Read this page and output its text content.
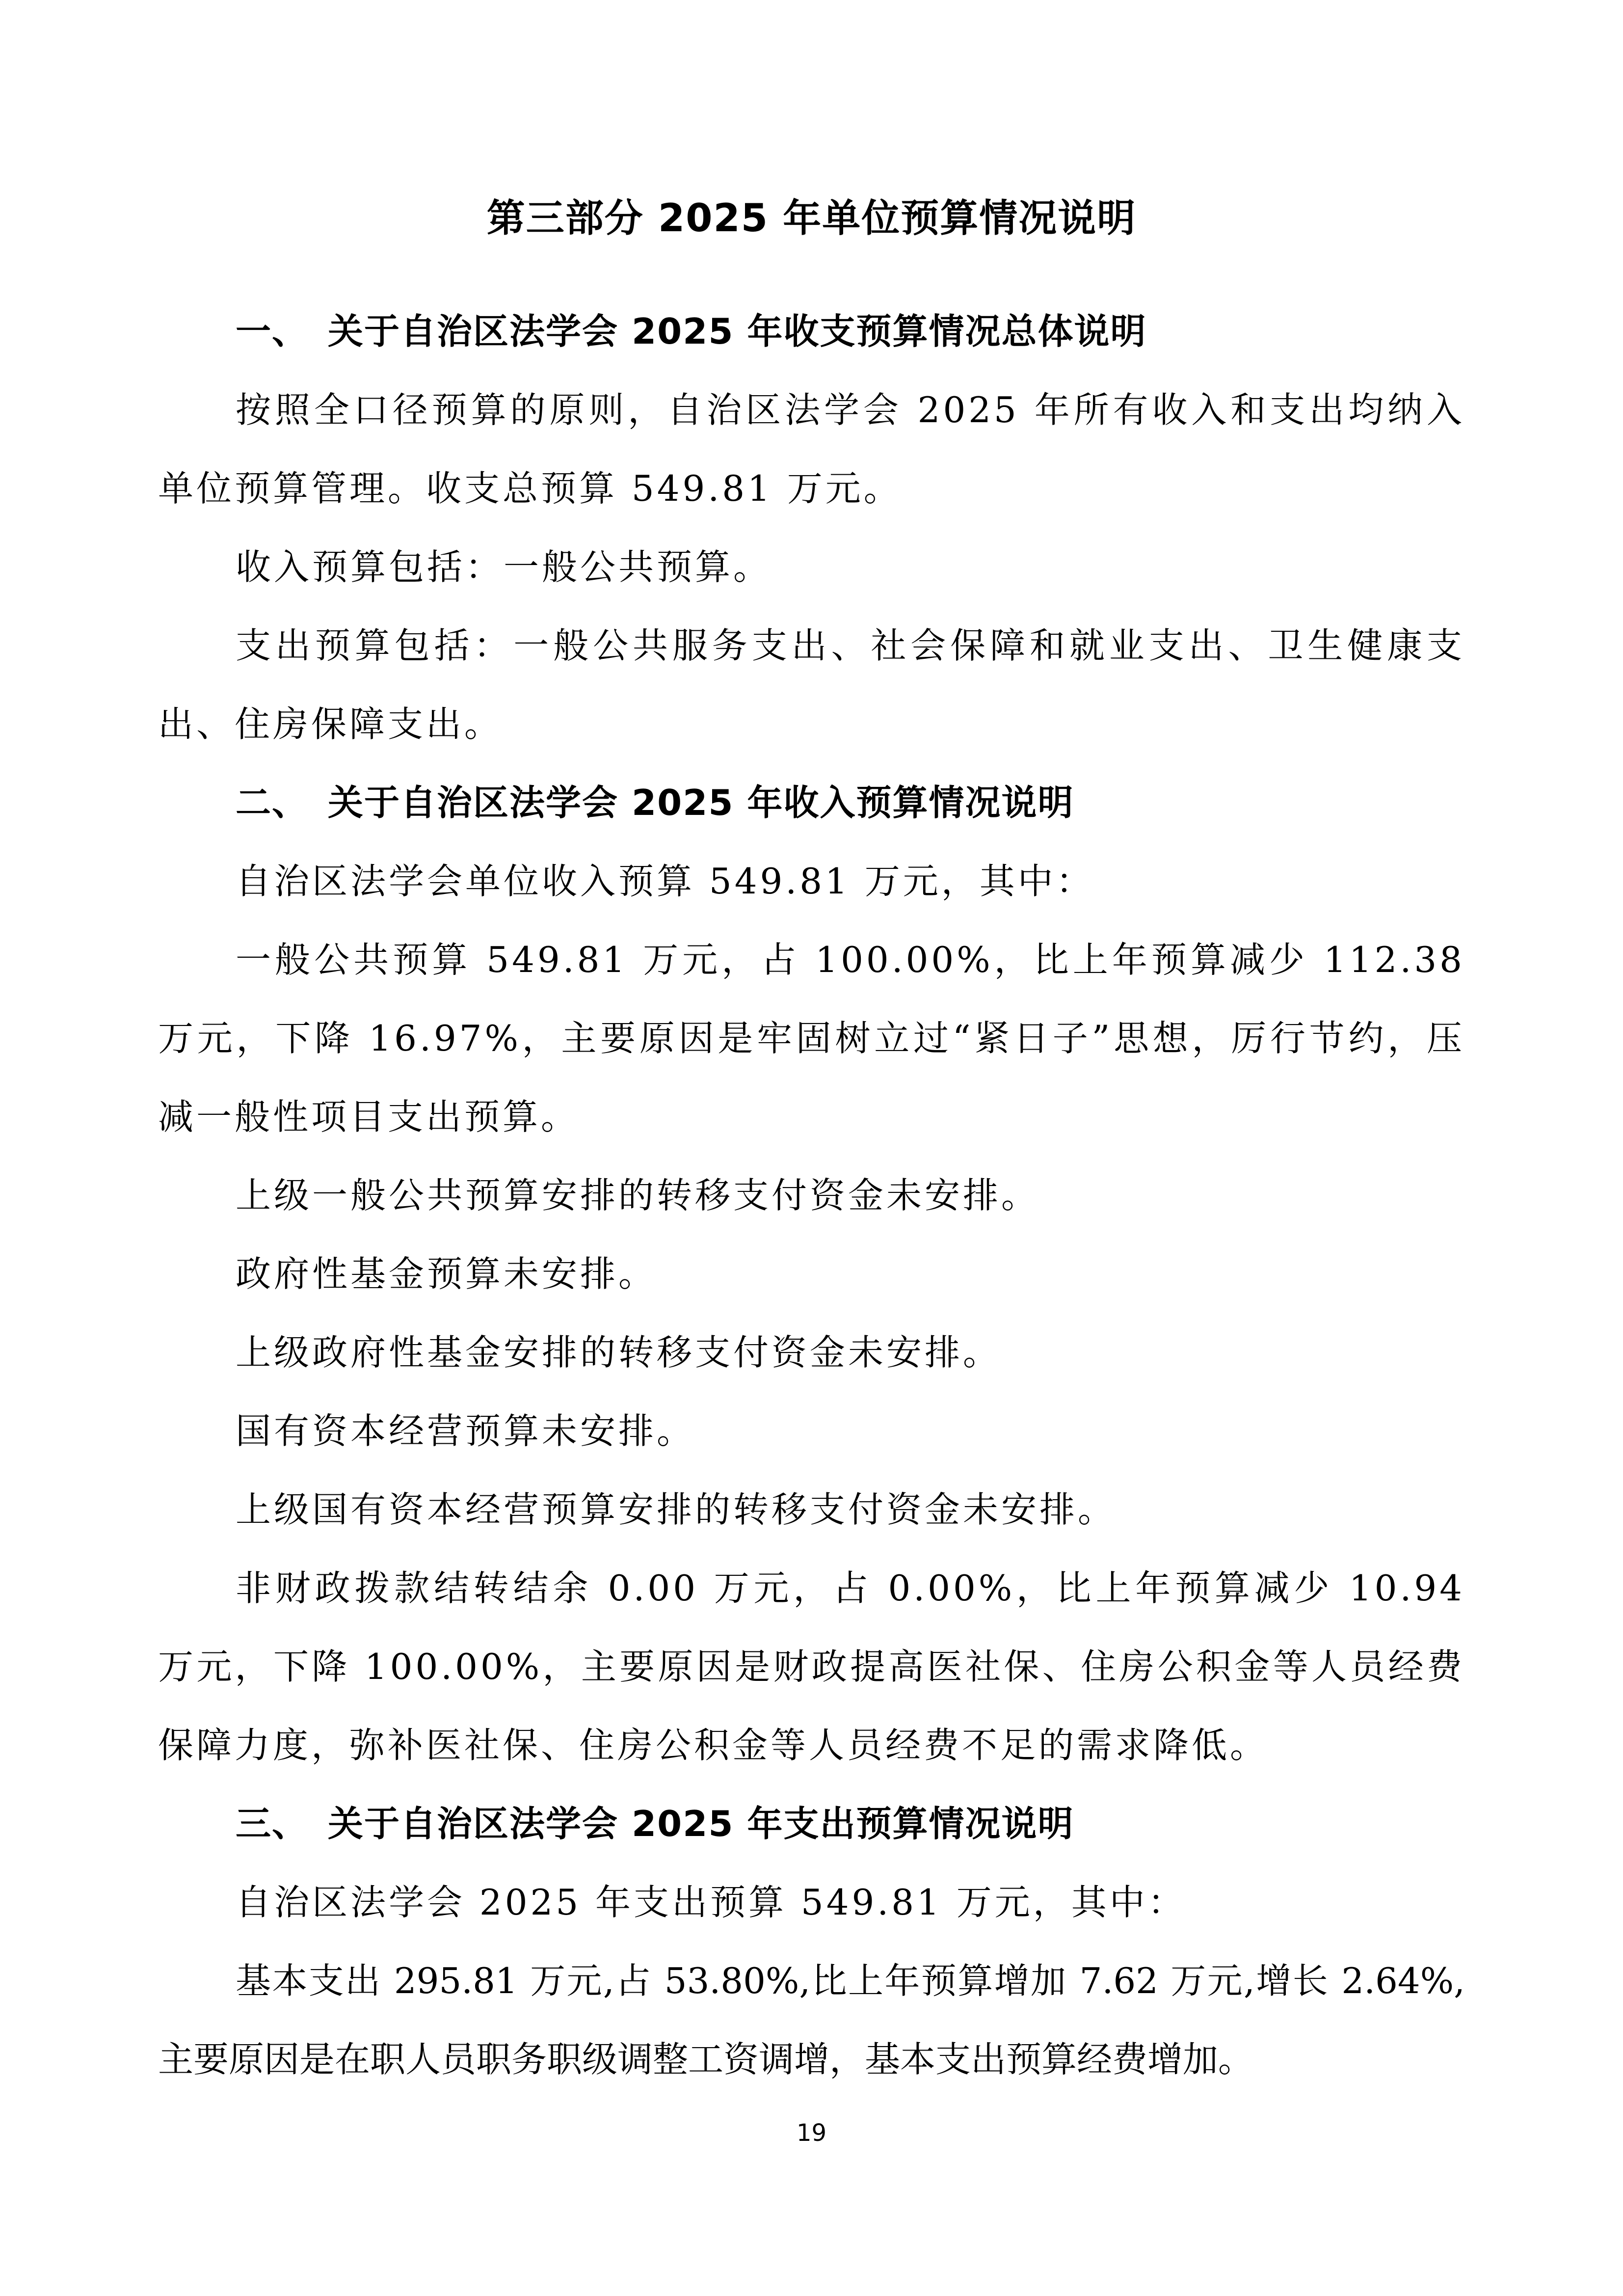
第三部分 2025 年单位预算情况说明
一、 关于自治区法学会 2025 年收支预算情况总体说明

按照全口径预算的原则，自治区法学会 2025 年所有收入和支出均纳入单位预算管理。收支总预算 549.81 万元。

收入预算包括：一般公共预算。

支出预算包括：一般公共服务支出、社会保障和就业支出、卫生健康支出、住房保障支出。

二、 关于自治区法学会 2025 年收入预算情况说明

自治区法学会单位收入预算 549.81 万元，其中：

一般公共预算 549.81 万元，占 100.00%，比上年预算减少 112.38 万元，下降 16.97%，主要原因是牢固树立过“紧日子”思想，厉行节约，压减一般性项目支出预算。

上级一般公共预算安排的转移支付资金未安排。

政府性基金预算未安排。

上级政府性基金安排的转移支付资金未安排。

国有资本经营预算未安排。

上级国有资本经营预算安排的转移支付资金未安排。

非财政拨款结转结余 0.00 万元，占 0.00%，比上年预算减少 10.94 万元，下降 100.00%，主要原因是财政提高医社保、住房公积金等人员经费保障力度，弥补医社保、住房公积金等人员经费不足的需求降低。

三、 关于自治区法学会 2025 年支出预算情况说明

自治区法学会 2025 年支出预算 549.81 万元，其中：

基本支出 295.81 万元,占 53.80%,比上年预算增加 7.62 万元,增长 2.64%,主要原因是在职人员职务职级调整工资调增，基本支出预算经费增加。

19
